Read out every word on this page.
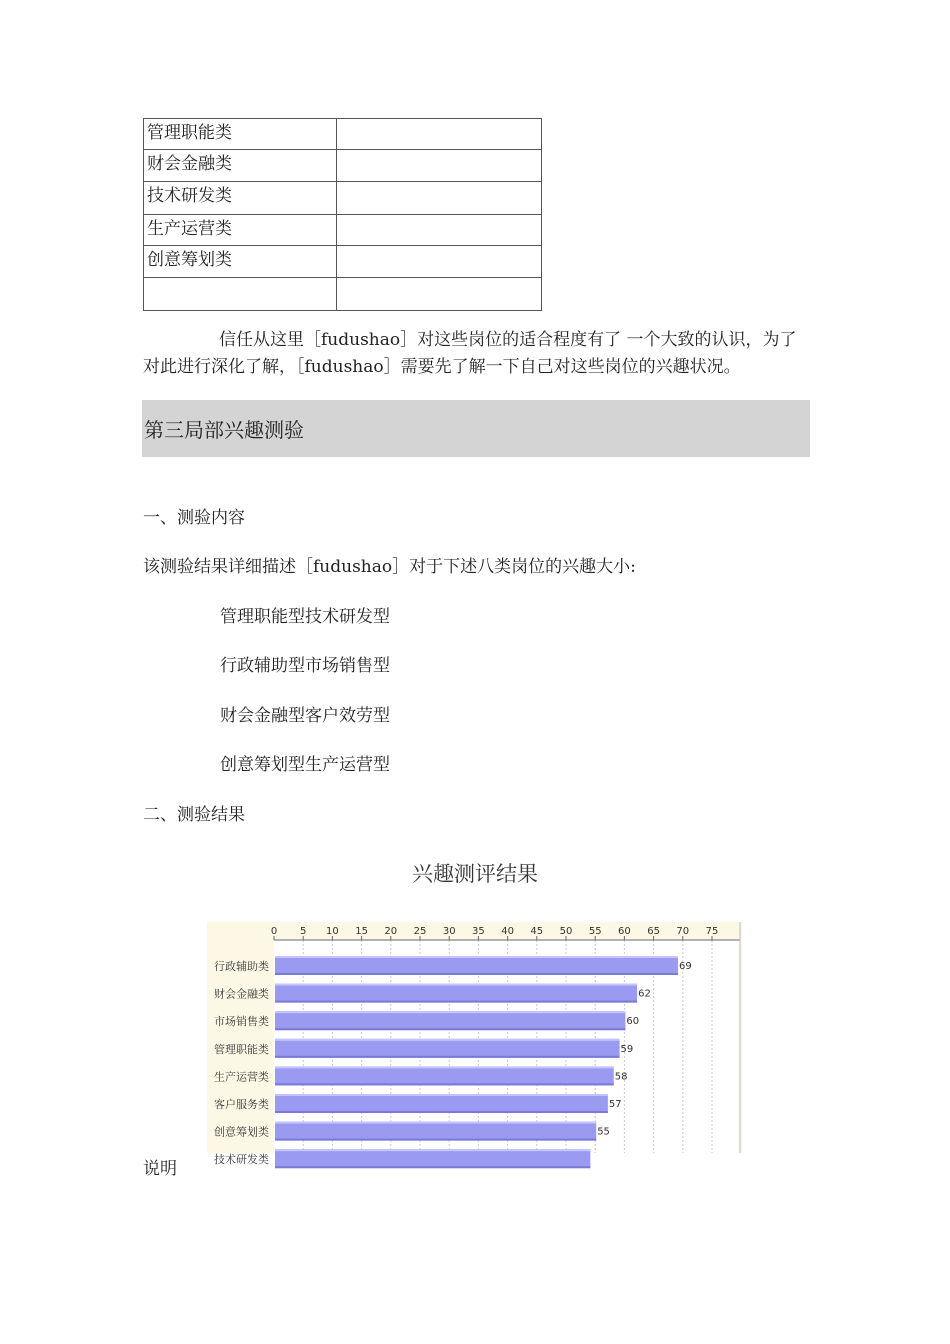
管理职能类	
财会金融类	
技术研发类	
生产运营类	
创意筹划类	

信任从这里［fudushao］对这些岗位的适合程度有了 一个大致的认识，为了对此进行深化了解，［fudushao］需要先了解一下自己对这些岗位的兴趣状况。
第三局部兴趣测验
一、测验内容
该测验结果详细描述［fudushao］对于下述八类岗位的兴趣大小:
管理职能型技术研发型
行政辅助型市场销售型
财会金融型客户效劳型
创意筹划型生产运营型
二、测验结果
兴趣测评结果
0 5 10 15 20 25 30 35 40 45 50 55 60 65 70 75
行政辅助类	69
财会金融类	62
市场销售类	60
管理职能类	59
生产运营类	58
客户服务类	57
创意筹划类	55
技术研发类
说明
